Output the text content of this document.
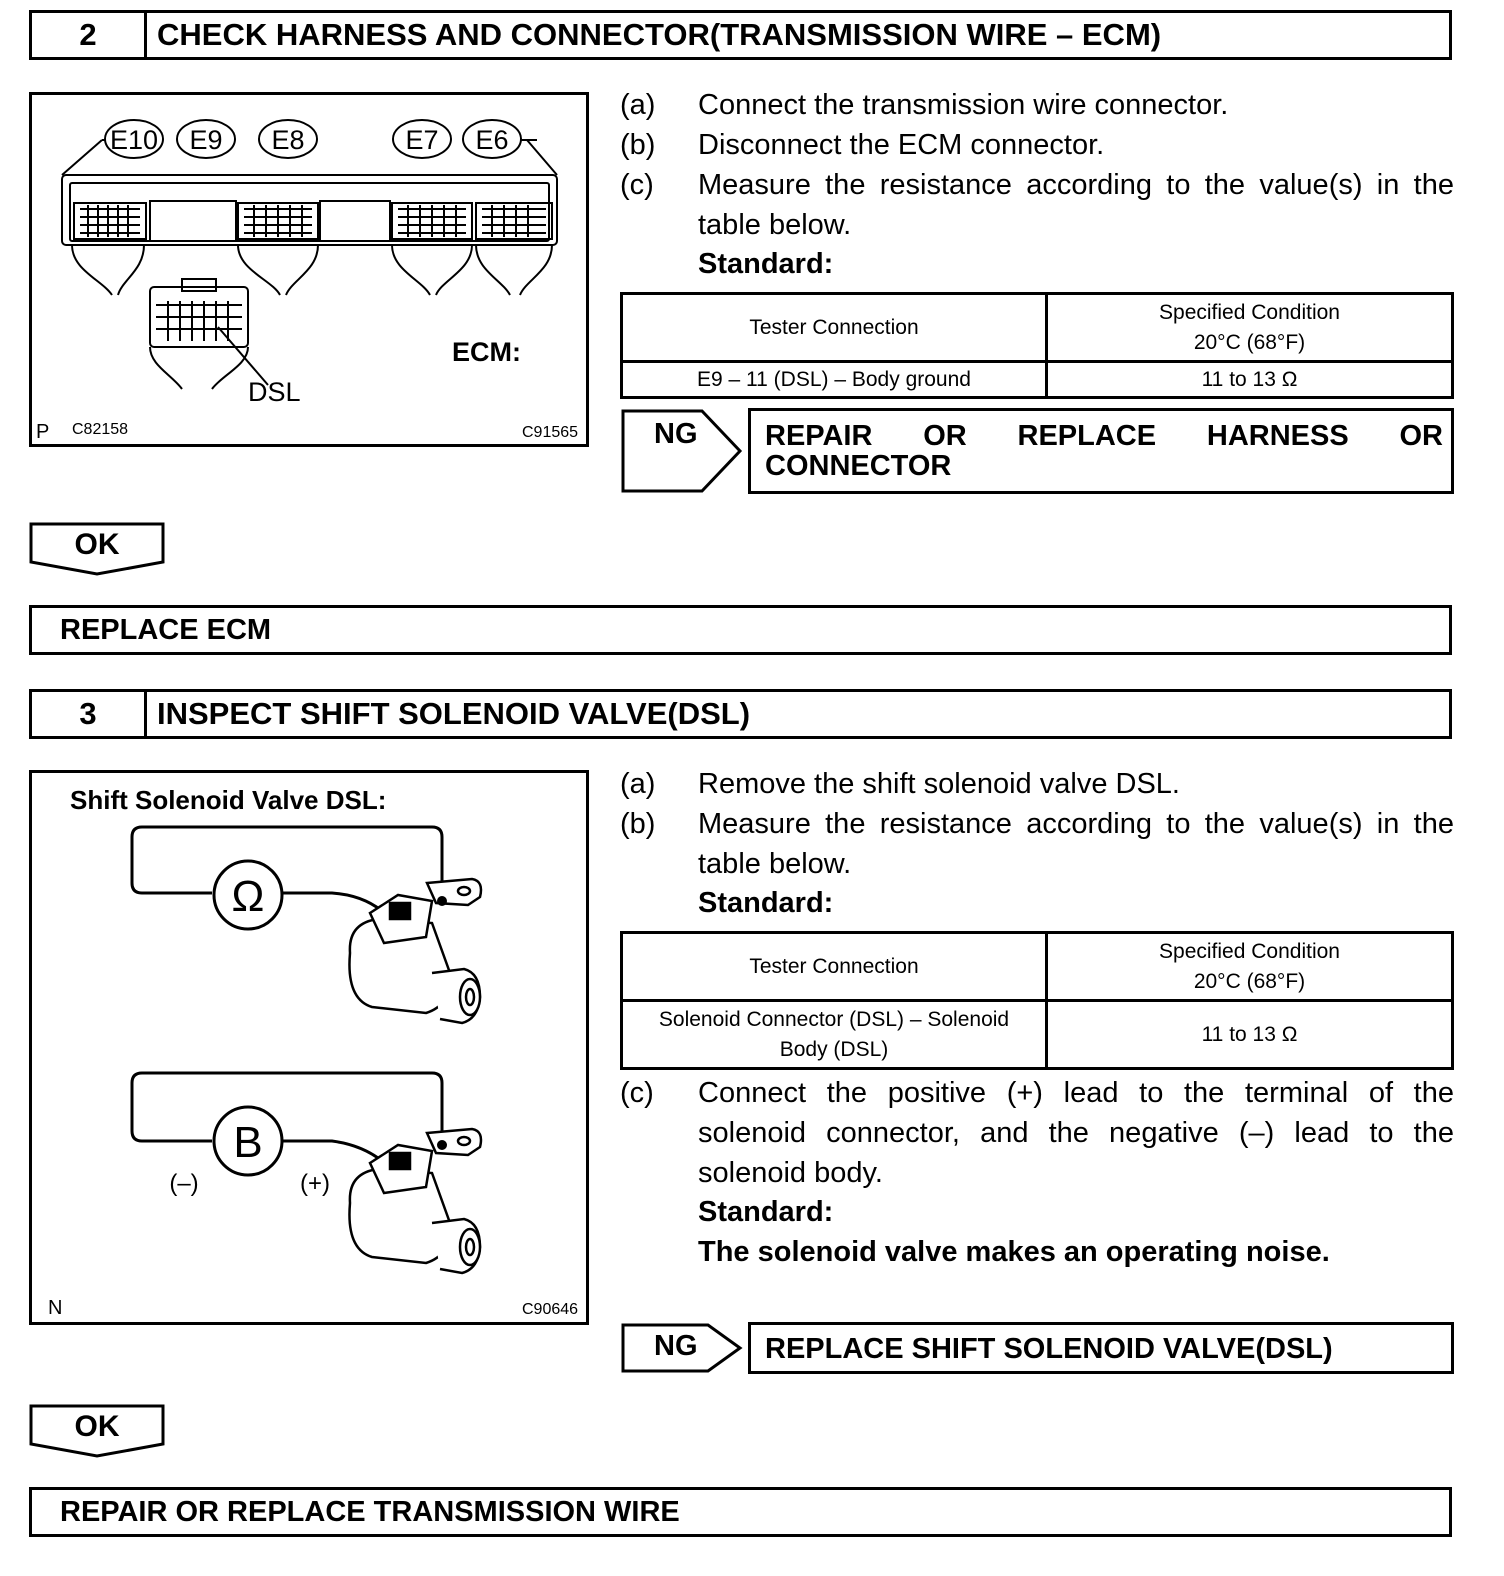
2	CHECK HARNESS AND CONNECTOR(TRANSMISSION WIRE – ECM)
E10 E9 E8	E7 E6
ECM:
DSL
P C82158	C91565
(a) Connect the transmission wire connector.
(b) Disconnect the ECM connector.
(c) Measure the resistance according to the value(s) in the table below.
Standard:
Tester Connection	Specified Condition
20°C (68°F)

E9 – 11 (DSL) – Body ground	11 to 13 Ω
NG REPAIR OR REPLACE HARNESS OR CONNECTOR
OK
REPLACE ECM
3	INSPECT SHIFT SOLENOID VALVE(DSL)
Shift Solenoid Valve DSL:
Ω
B
(–)	(+)
N	C90646
(a) Remove the shift solenoid valve DSL.
(b) Measure the resistance according to the value(s) in the table below.
Standard:
Tester Connection	Specified Condition
20°C (68°F)

Solenoid Connector (DSL) – Solenoid Body (DSL)	11 to 13 Ω
(c) Connect the positive (+) lead to the terminal of the solenoid connector, and the negative (–) lead to the solenoid body.
Standard:
The solenoid valve makes an operating noise.
NG REPLACE SHIFT SOLENOID VALVE(DSL)
OK
REPAIR OR REPLACE TRANSMISSION WIRE
